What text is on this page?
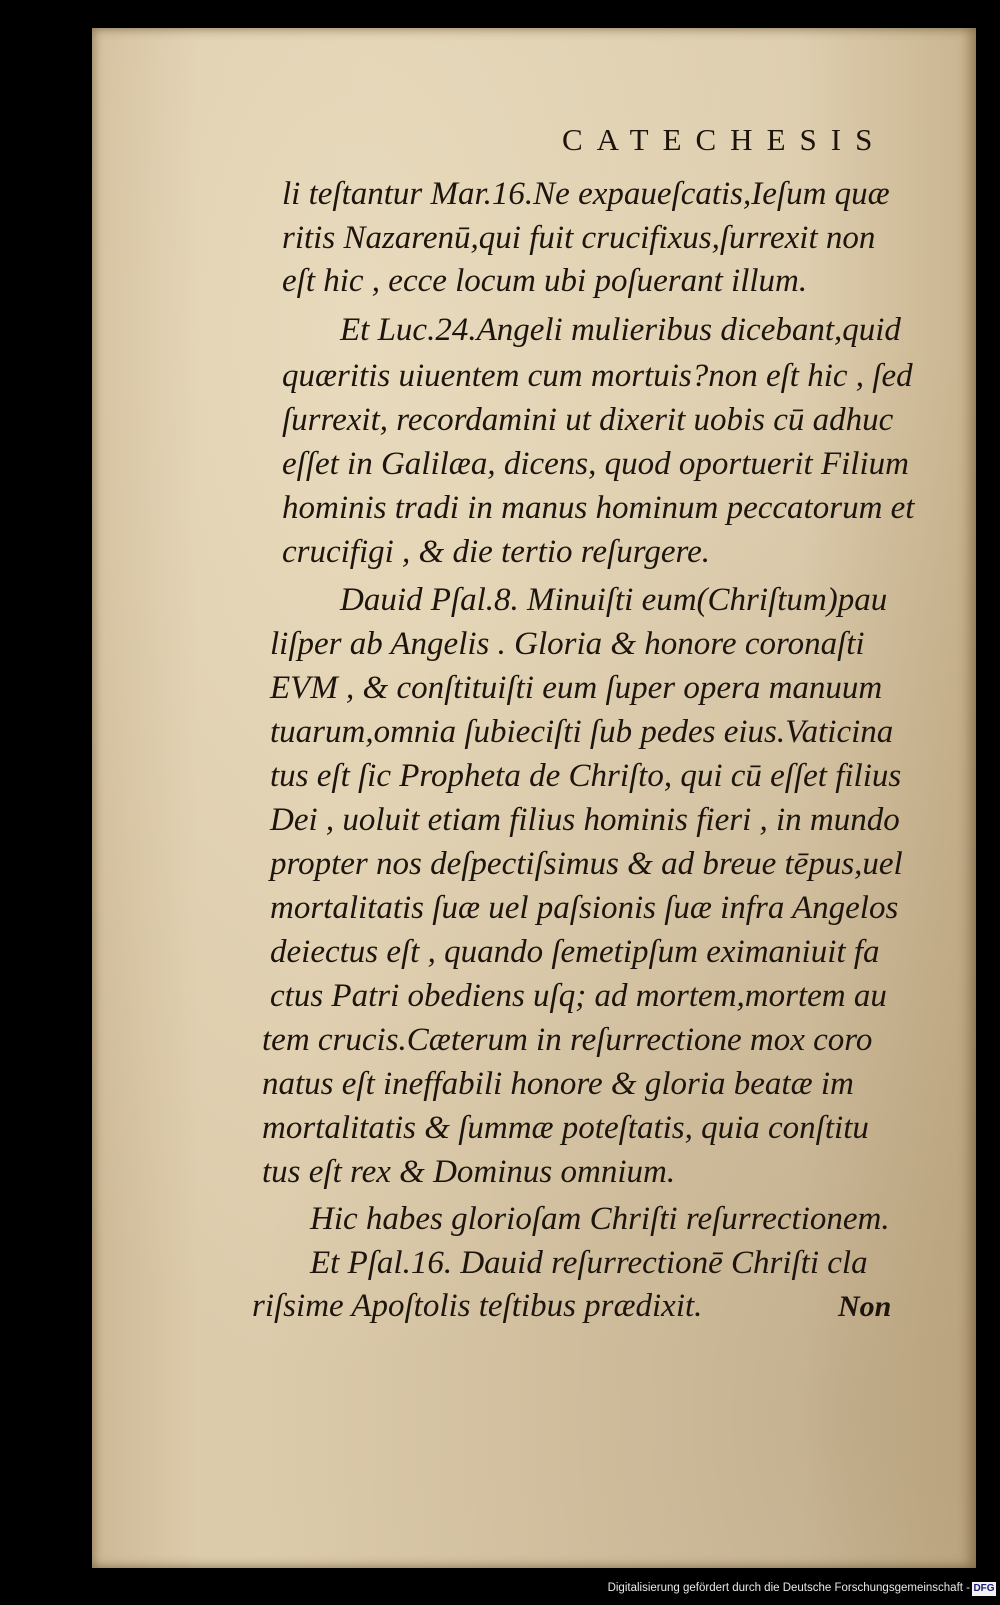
CATECHESIS
li teſtantur Mar.16.Ne expaueſcatis,Ieſum quæ
ritis Nazarenū,qui fuit crucifixus,ſurrexit non
eſt hic , ecce locum ubi poſuerant illum.
Et Luc.24.Angeli mulieribus dicebant,quid
quæritis uiuentem cum mortuis?non eſt hic , ſed
ſurrexit, recordamini ut dixerit uobis cū adhuc
eſſet in Galilæa, dicens, quod oportuerit Filium
hominis tradi in manus hominum peccatorum et
crucifigi , & die tertio reſurgere.
Dauid Pſal.8. Minuiſti eum(Chriſtum)pau
liſper ab Angelis . Gloria & honore coronaſti
EVM , & conſtituiſti eum ſuper opera manuum
tuarum,omnia ſubieciſti ſub pedes eius.Vaticina
tus eſt ſic Propheta de Chriſto, qui cū eſſet filius
Dei , uoluit etiam filius hominis fieri , in mundo
propter nos deſpectiſsimus & ad breue tēpus,uel
mortalitatis ſuæ uel paſsionis ſuæ infra Angelos
deiectus eſt , quando ſemetipſum eximaniuit fa
ctus Patri obediens uſq; ad mortem,mortem au
tem crucis.Cæterum in reſurrectione mox coro
natus eſt ineffabili honore & gloria beatæ im
mortalitatis & ſummæ poteſtatis, quia conſtitu
tus eſt rex & Dominus omnium.
Hic habes glorioſam Chriſti reſurrectionem.
Et Pſal.16. Dauid reſurrectionē Chriſti cla
riſsime Apoſtolis teſtibus prædixit.	Non
Digitalisierung gefördert durch die Deutsche Forschungsgemeinschaft - DFG
